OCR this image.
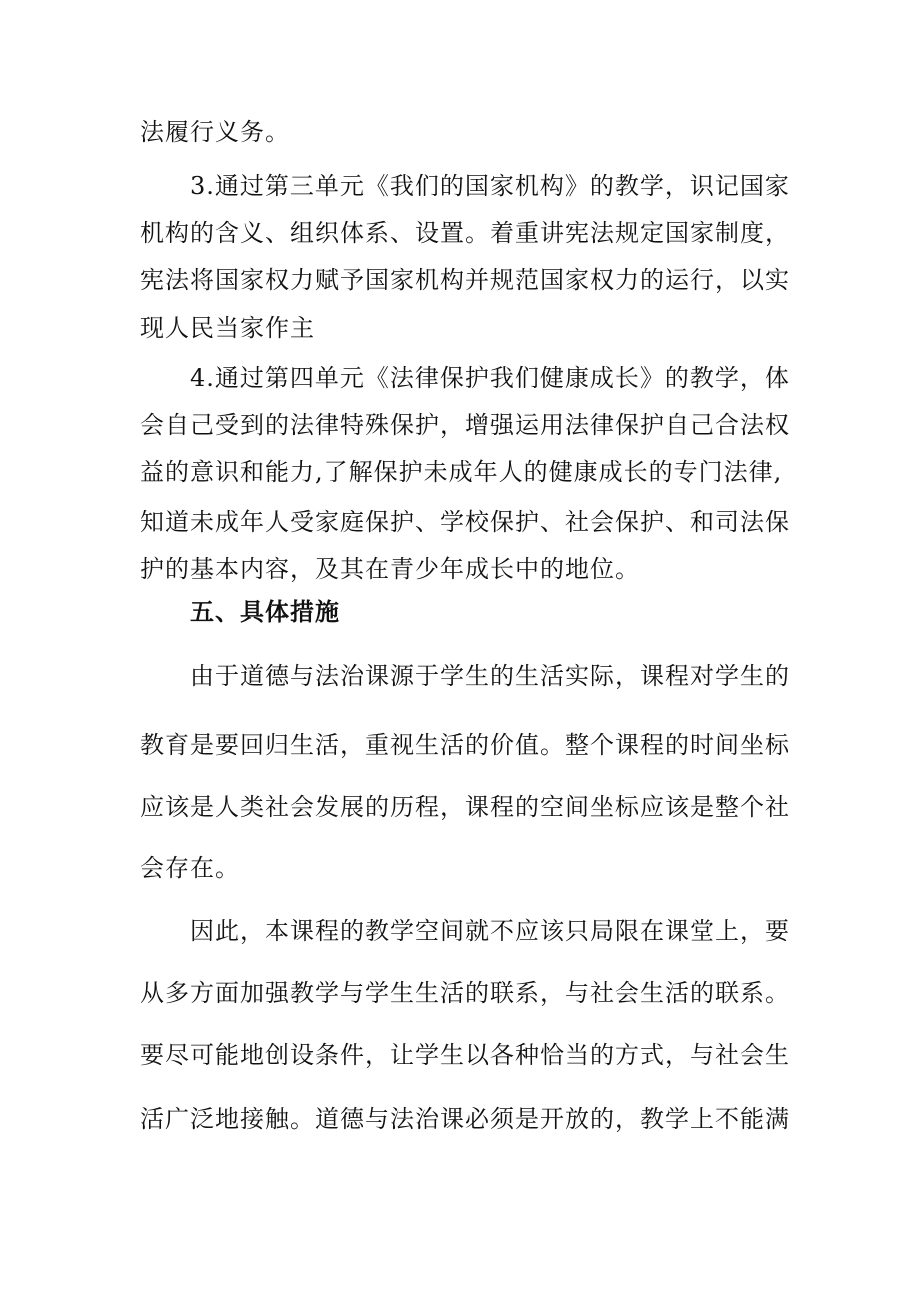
法履行义务。
3.通过第三单元《我们的国家机构》的教学，识记国家
机构的含义、组织体系、设置。着重讲宪法规定国家制度，
宪法将国家权力赋予国家机构并规范国家权力的运行，以实
现人民当家作主
4.通过第四单元《法律保护我们健康成长》的教学，体
会自己受到的法律特殊保护，增强运用法律保护自己合法权
益的意识和能力,了解保护未成年人的健康成长的专门法律,
知道未成年人受家庭保护、学校保护、社会保护、和司法保
护的基本内容，及其在青少年成长中的地位。
五、具体措施
由于道德与法治课源于学生的生活实际，课程对学生的
教育是要回归生活，重视生活的价值。整个课程的时间坐标
应该是人类社会发展的历程，课程的空间坐标应该是整个社
会存在。
因此，本课程的教学空间就不应该只局限在课堂上，要
从多方面加强教学与学生生活的联系，与社会生活的联系。
要尽可能地创设条件，让学生以各种恰当的方式，与社会生
活广泛地接触。道德与法治课必须是开放的，教学上不能满
